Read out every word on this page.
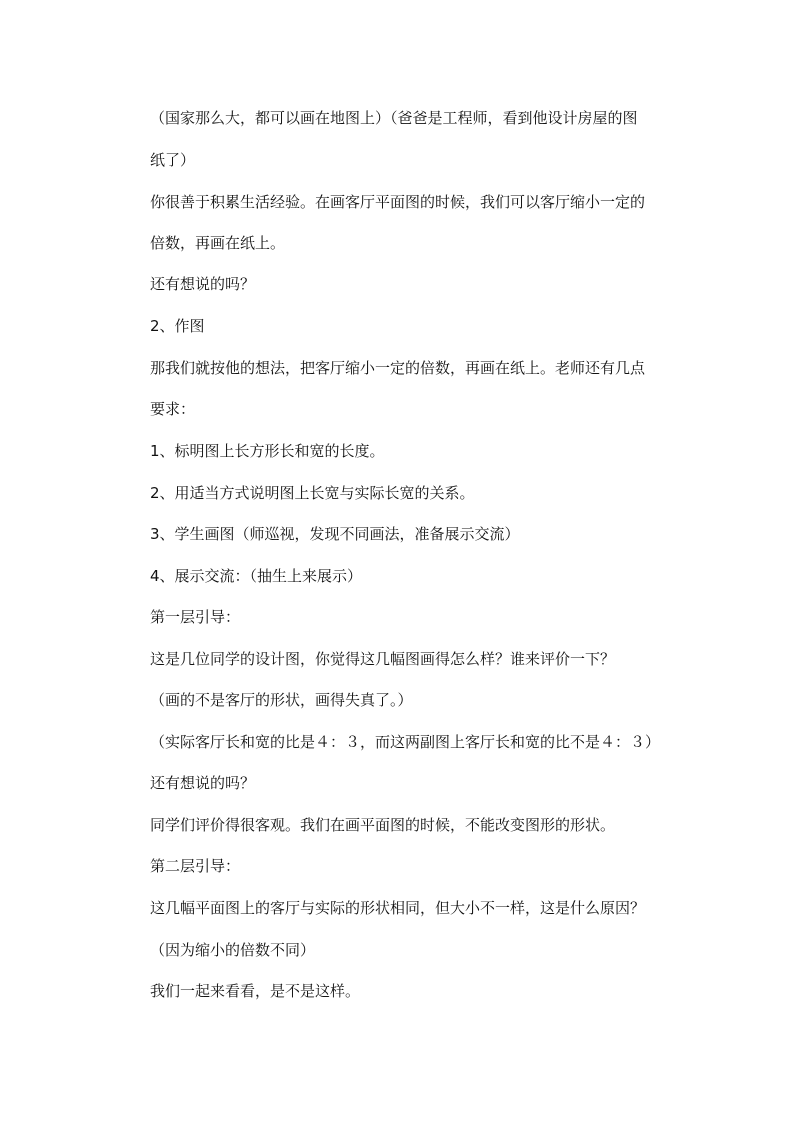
（国家那么大，都可以画在地图上）（爸爸是工程师，看到他设计房屋的图
纸了）
你很善于积累生活经验。在画客厅平面图的时候，我们可以客厅缩小一定的
倍数，再画在纸上。
还有想说的吗？
2、作图
那我们就按他的想法，把客厅缩小一定的倍数，再画在纸上。老师还有几点
要求：
1、标明图上长方形长和宽的长度。
2、用适当方式说明图上长宽与实际长宽的关系。
3、学生画图（师巡视，发现不同画法，准备展示交流）
4、展示交流：（抽生上来展示）
第一层引导：
这是几位同学的设计图，你觉得这几幅图画得怎么样？谁来评价一下？
（画的不是客厅的形状，画得失真了。）
（实际客厅长和宽的比是４：３，而这两副图上客厅长和宽的比不是４：３）
还有想说的吗？
同学们评价得很客观。我们在画平面图的时候，不能改变图形的形状。
第二层引导：
这几幅平面图上的客厅与实际的形状相同，但大小不一样，这是什么原因？
（因为缩小的倍数不同）
我们一起来看看，是不是这样。
